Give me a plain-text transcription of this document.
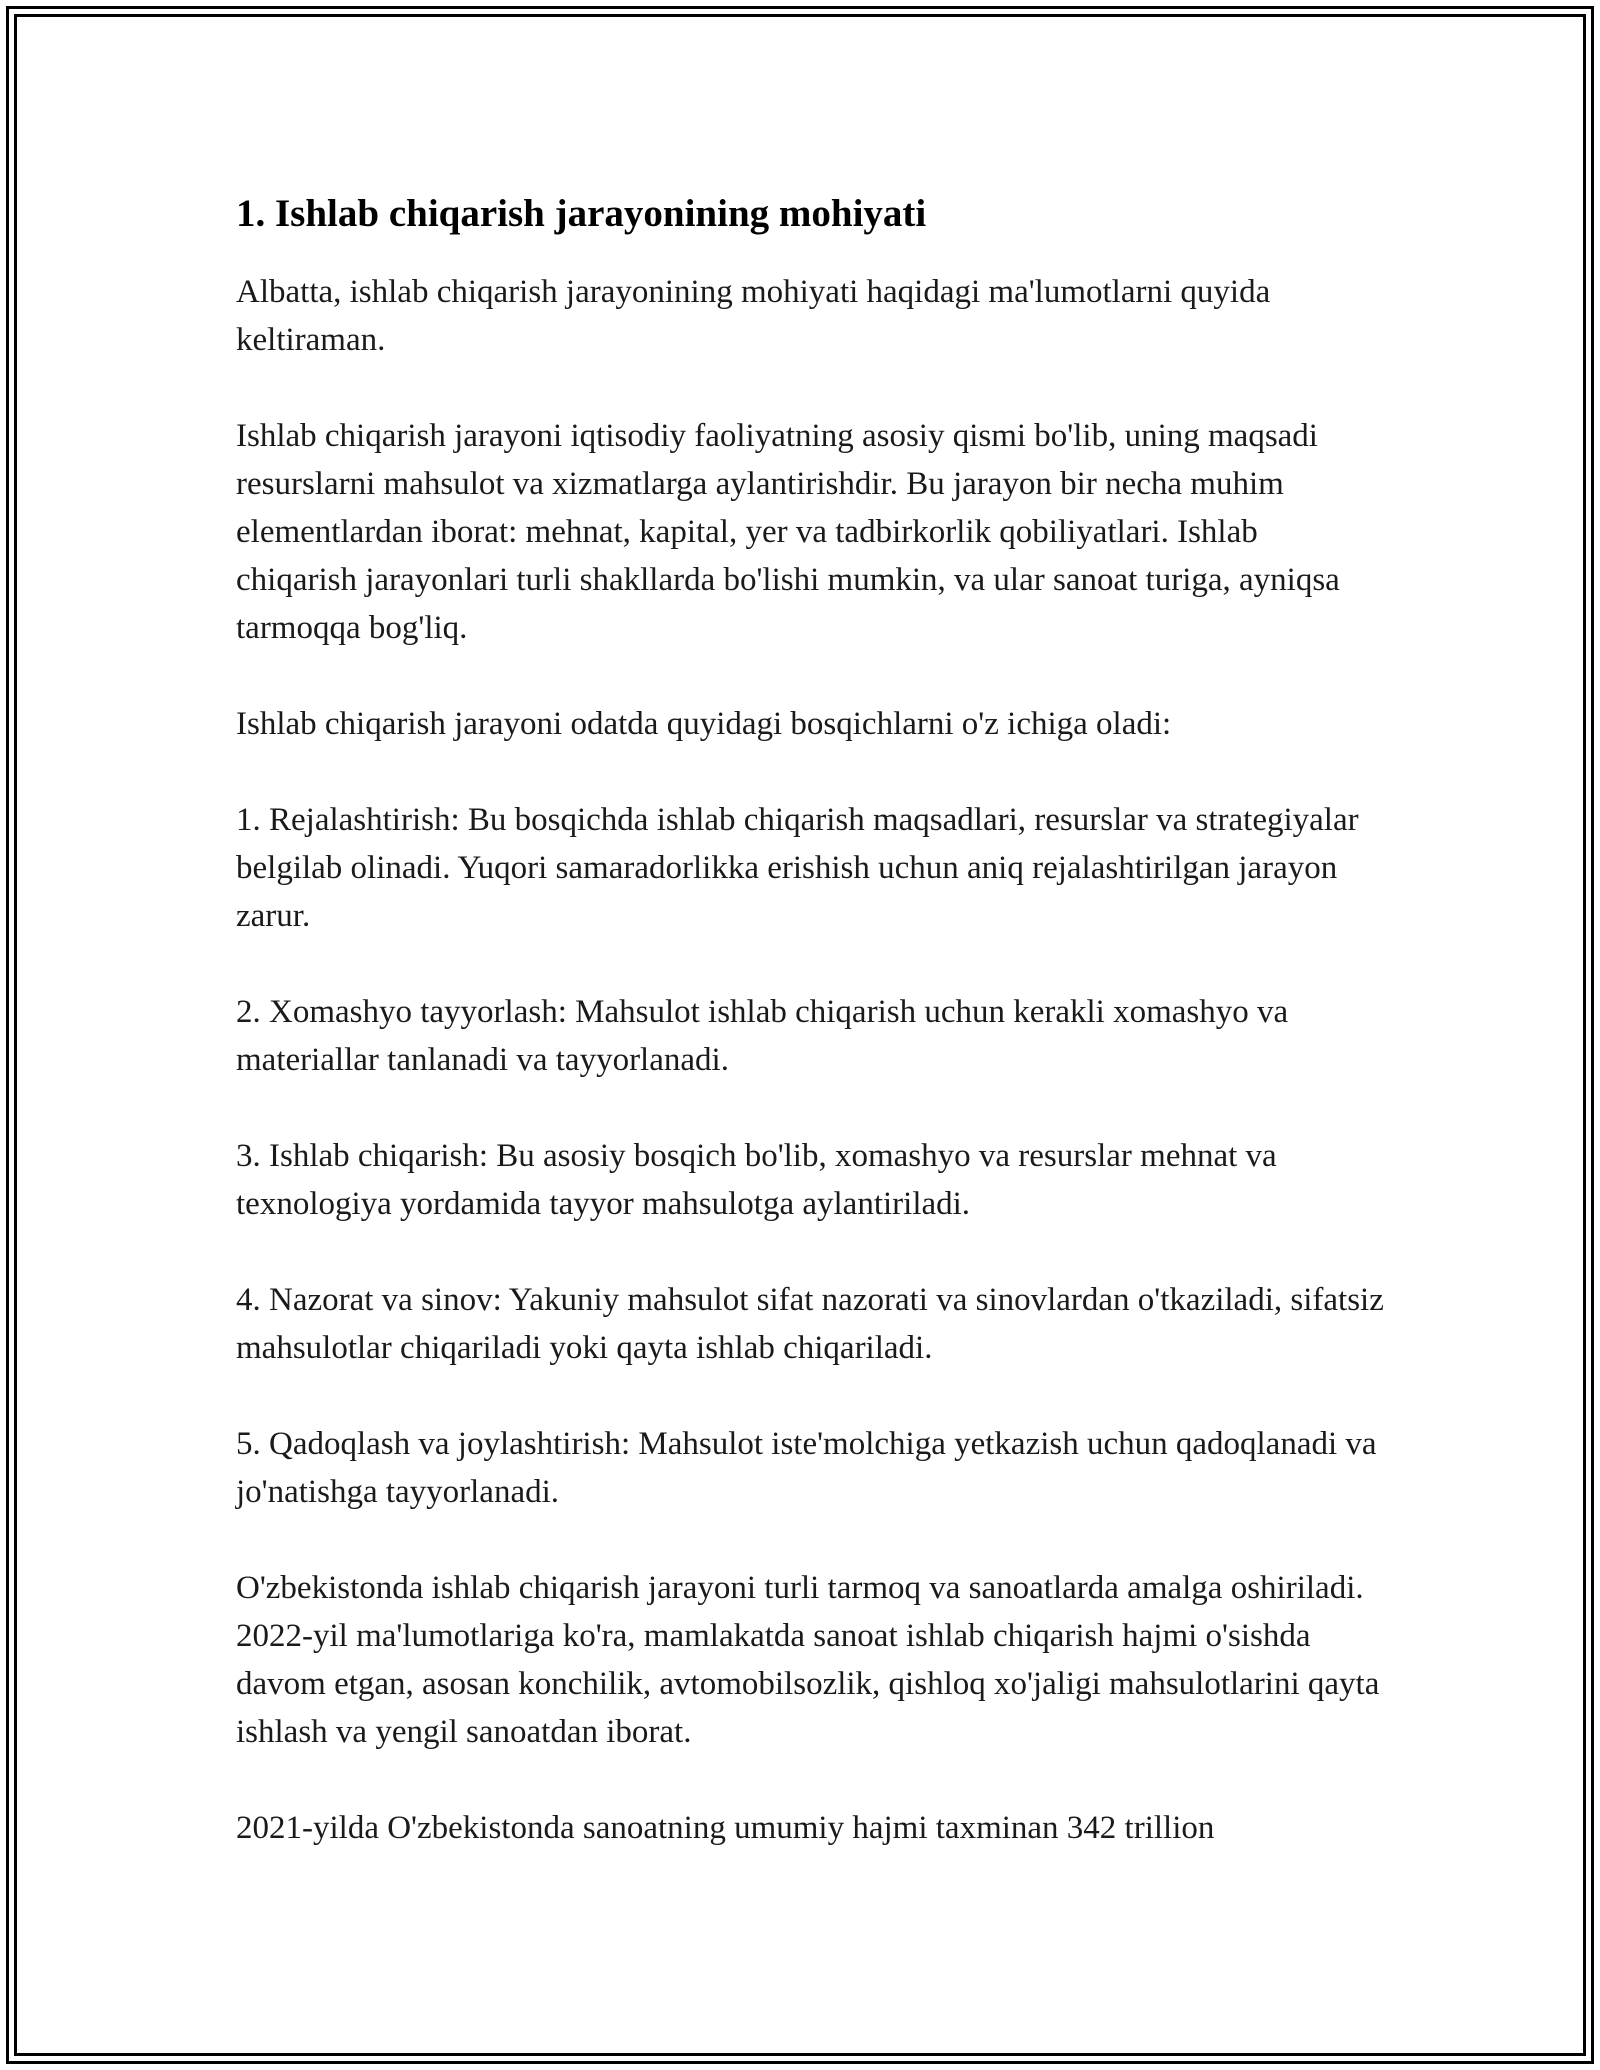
1. Ishlab chiqarish jarayonining mohiyati

Albatta, ishlab chiqarish jarayonining mohiyati haqidagi ma'lumotlarni quyida keltiraman.

Ishlab chiqarish jarayoni iqtisodiy faoliyatning asosiy qismi bo'lib, uning maqsadi resurslarni mahsulot va xizmatlarga aylantirishdir. Bu jarayon bir necha muhim elementlardan iborat: mehnat, kapital, yer va tadbirkorlik qobiliyatlari. Ishlab chiqarish jarayonlari turli shakllarda bo'lishi mumkin, va ular sanoat turiga, ayniqsa tarmoqqa bog'liq.

Ishlab chiqarish jarayoni odatda quyidagi bosqichlarni o'z ichiga oladi:

1. Rejalashtirish: Bu bosqichda ishlab chiqarish maqsadlari, resurslar va strategiyalar belgilab olinadi. Yuqori samaradorlikka erishish uchun aniq rejalashtirilgan jarayon zarur.

2. Xomashyo tayyorlash: Mahsulot ishlab chiqarish uchun kerakli xomashyo va materiallar tanlanadi va tayyorlanadi.

3. Ishlab chiqarish: Bu asosiy bosqich bo'lib, xomashyo va resurslar mehnat va texnologiya yordamida tayyor mahsulotga aylantiriladi.

4. Nazorat va sinov: Yakuniy mahsulot sifat nazorati va sinovlardan o'tkaziladi, sifatsiz mahsulotlar chiqariladi yoki qayta ishlab chiqariladi.

5. Qadoqlash va joylashtirish: Mahsulot iste'molchiga yetkazish uchun qadoqlanadi va jo'natishga tayyorlanadi.

O'zbekistonda ishlab chiqarish jarayoni turli tarmoq va sanoatlarda amalga oshiriladi. 2022-yil ma'lumotlariga ko'ra, mamlakatda sanoat ishlab chiqarish hajmi o'sishda davom etgan, asosan konchilik, avtomobilsozlik, qishloq xo'jaligi mahsulotlarini qayta ishlash va yengil sanoatdan iborat.

2021-yilda O'zbekistonda sanoatning umumiy hajmi taxminan 342 trillion
